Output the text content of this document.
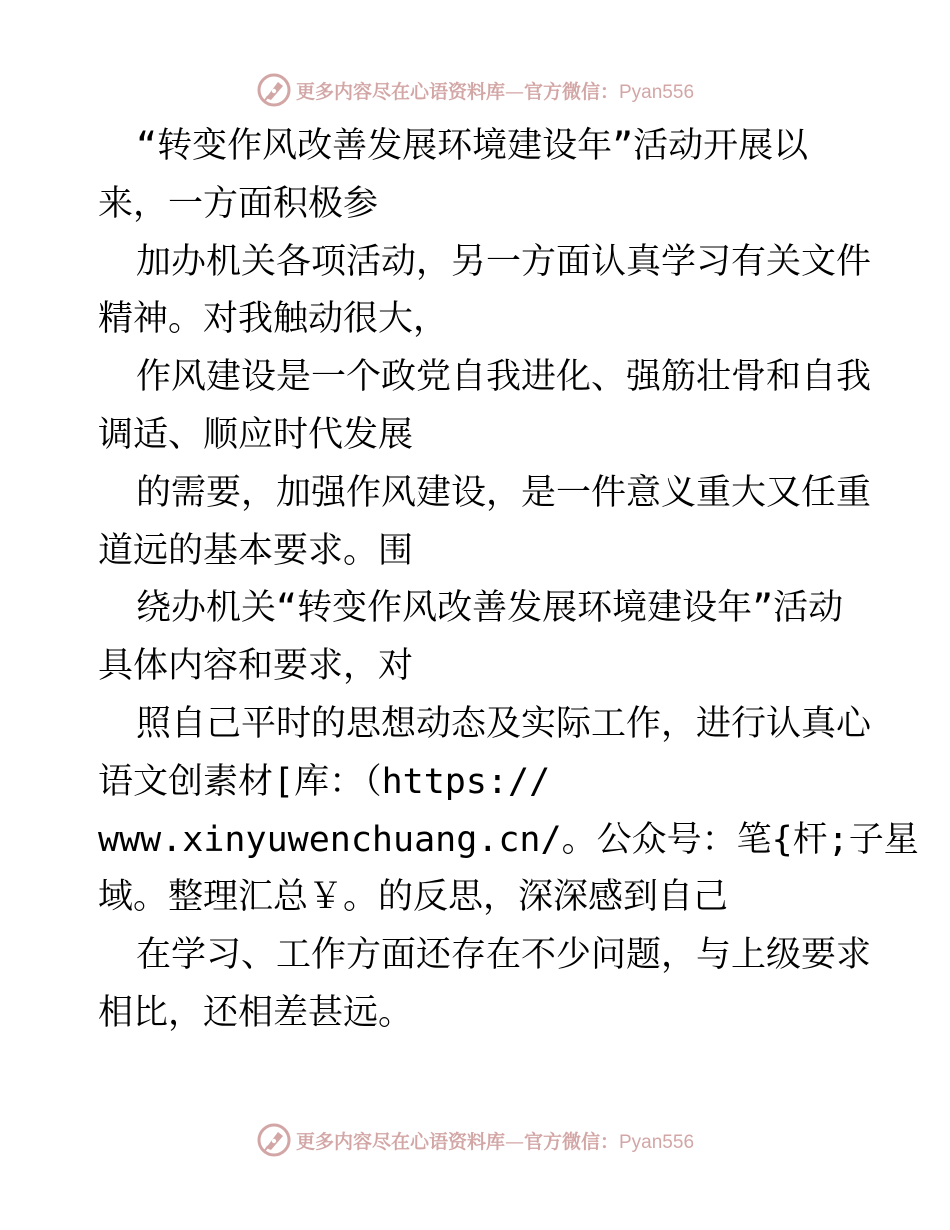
更多内容尽在心语资料库—官方微信：Pyan556
“转变作风改善发展环境建设年”活动开展以
来，一方面积极参
加办机关各项活动，另一方面认真学习有关文件
精神。对我触动很大，
作风建设是一个政党自我进化、强筋壮骨和自我
调适、顺应时代发展
的需要，加强作风建设，是一件意义重大又任重
道远的基本要求。围
绕办机关“转变作风改善发展环境建设年”活动
具体内容和要求，对
照自己平时的思想动态及实际工作，进行认真心
语文创素材[库：（https://
www.xinyuwenchuang.cn/。公众号：笔{杆;子星
域。整理汇总￥。的反思，深深感到自己
在学习、工作方面还存在不少问题，与上级要求
相比，还相差甚远。
更多内容尽在心语资料库—官方微信：Pyan556
